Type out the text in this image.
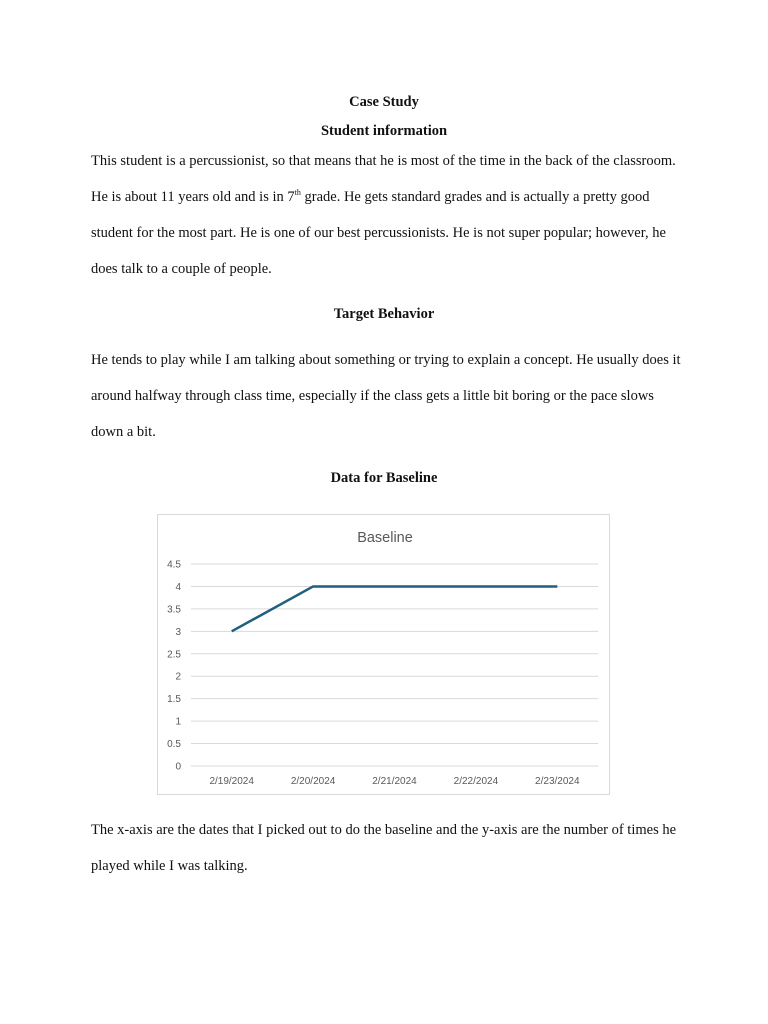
Case Study
Student information

This student is a percussionist, so that means that he is most of the time in the back of the classroom. He is about 11 years old and is in 7th grade. He gets standard grades and is actually a pretty good student for the most part. He is one of our best percussionists. He is not super popular; however, he does talk to a couple of people.

Target Behavior

He tends to play while I am talking about something or trying to explain a concept. He usually does it around halfway through class time, especially if the class gets a little bit boring or the pace slows down a bit.

Data for Baseline
Baseline
0
0.5
1
1.5
2
2.5
3
3.5
4
4.5
2/19/2024	2/20/2024	2/21/2024	2/22/2024	2/23/2024

The x-axis are the dates that I picked out to do the baseline and the y-axis are the number of times he played while I was talking.
